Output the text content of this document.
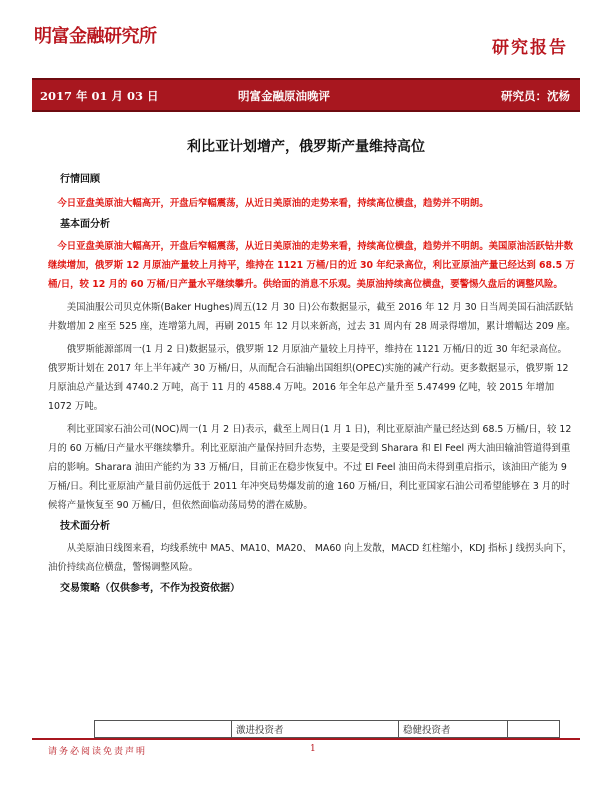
明富金融研究所
研究报告
2017 年 01 月 03 日	明富金融原油晚评	研究员：沈杨
利比亚计划增产，俄罗斯产量维持高位
行情回顾

今日亚盘美原油大幅高开，开盘后窄幅震荡，从近日美原油的走势来看，持续高位横盘，趋势并不明朗。

基本面分析

今日亚盘美原油大幅高开，开盘后窄幅震荡，从近日美原油的走势来看，持续高位横盘，趋势并不明朗。美国原油活跃钻井数继续增加，俄罗斯 12 月原油产量较上月持平，维持在 1121 万桶/日的近 30 年纪录高位，利比亚原油产量已经达到 68.5 万桶/日，较 12 月的 60 万桶/日产量水平继续攀升。供给面的消息不乐观。美原油持续高位横盘，要警惕久盘后的调整风险。

美国油服公司贝克休斯(Baker Hughes)周五(12 月 30 日)公布数据显示，截至 2016 年 12 月 30 日当周美国石油活跃钻井数增加 2 座至 525 座，连增第九周，再刷 2015 年 12 月以来新高，过去 31 周内有 28 周录得增加，累计增幅达 209 座。

俄罗斯能源部周一(1 月 2 日)数据显示，俄罗斯 12 月原油产量较上月持平，维持在 1121 万桶/日的近 30 年纪录高位。俄罗斯计划在 2017 年上半年减产 30 万桶/日，从而配合石油输出国组织(OPEC)实施的减产行动。更多数据显示，俄罗斯 12 月原油总产量达到 4740.2 万吨，高于 11 月的 4588.4 万吨。2016 年全年总产量升至 5.47499 亿吨，较 2015 年增加 1072 万吨。

利比亚国家石油公司(NOC)周一(1 月 2 日)表示，截至上周日(1 月 1 日)，利比亚原油产量已经达到 68.5 万桶/日，较 12 月的 60 万桶/日产量水平继续攀升。利比亚原油产量保持回升态势，主要是受到 Sharara 和 El Feel 两大油田输油管道得到重启的影响。Sharara 油田产能约为 33 万桶/日，目前正在稳步恢复中。不过 El Feel 油田尚未得到重启指示，该油田产能为 9 万桶/日。利比亚原油产量目前仍远低于 2011 年冲突局势爆发前的逾 160 万桶/日，利比亚国家石油公司希望能够在 3 月的时候将产量恢复至 90 万桶/日，但依然面临动荡局势的潜在威胁。

技术面分析

从美原油日线图来看，均线系统中 MA5、MA10、MA20、 MA60 向上发散，MACD 红柱缩小，KDJ 指标 J 线拐头向下，油价持续高位横盘，警惕调整风险。

交易策略（仅供参考，不作为投资依据）
	激进投资者	稳健投资者	
请务必阅读免责声明	1
